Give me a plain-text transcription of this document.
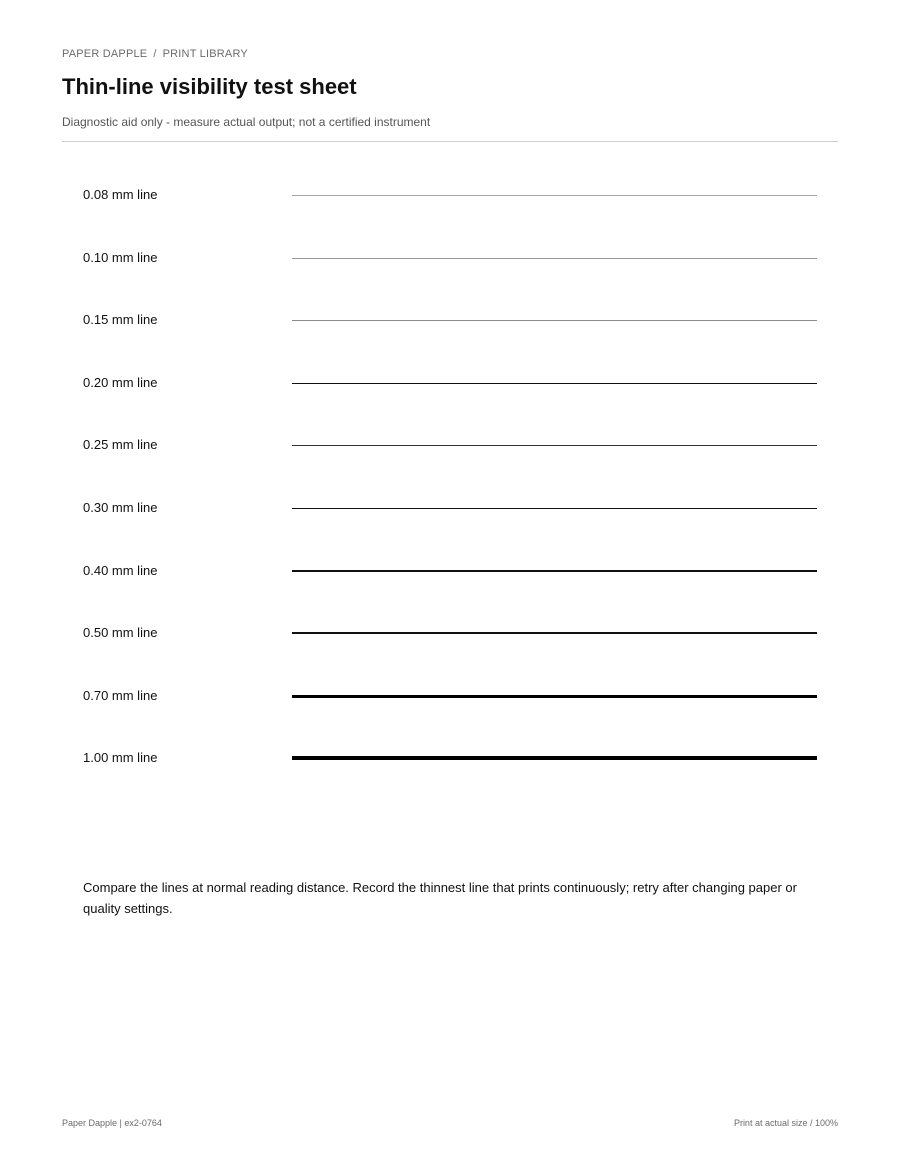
PAPER DAPPLE / PRINT LIBRARY
Thin-line visibility test sheet
Diagnostic aid only - measure actual output; not a certified instrument
0.08 mm line
0.10 mm line
0.15 mm line
0.20 mm line
0.25 mm line
0.30 mm line
0.40 mm line
0.50 mm line
0.70 mm line
1.00 mm line

Compare the lines at normal reading distance. Record the thinnest line that prints continuously; retry after changing paper or quality settings.

Paper Dapple | ex2-0764	Print at actual size / 100%
